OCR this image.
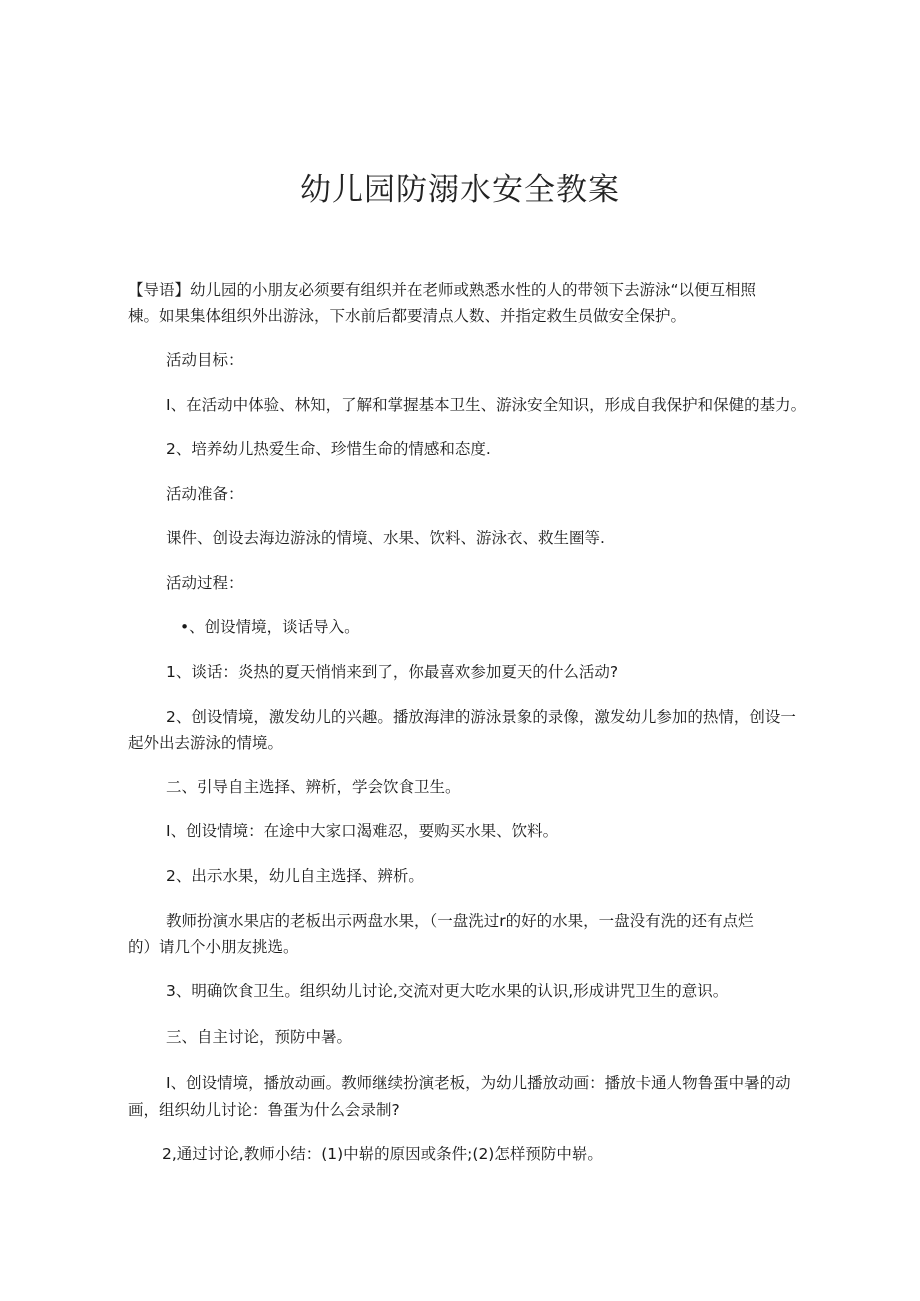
幼儿园防溺水安全教案

【导语】幼儿园的小朋友必须要有组织并在老师或熟悉水性的人的带领下去游泳“以便互相照

棟。如果集体组织外出游泳，下水前后都要清点人数、并指定救生员做安全保护。

活动目标：

I、在活动中体验、林知，了解和掌握基本卫生、游泳安全知识，形成自我保护和保健的基力。

2、培养幼儿热爱生命、珍惜生命的情感和态度.

活动准备：

课件、创设去海边游泳的情境、水果、饮料、游泳衣、救生圈等.

活动过程：

•、创设情境，谈话导入。

1、谈话：炎热的夏天悄悄来到了，你最喜欢参加夏天的什么活动?

2、创设情境，激发幼儿的兴趣。播放海津的游泳景象的录像，激发幼儿参加的热情，创设一

起外出去游泳的情境。

二、引导自主选择、辨析，学会饮食卫生。

I、创设情境：在途中大家口渴难忍，要购买水果、饮料。

2、出示水果，幼儿自主选择、辨析。

教师扮演水果店的老板出示两盘水果，（一盘洗过r的好的水果，一盘没有洗的还有点烂

的）请几个小朋友挑选。

3、明确饮食卫生。组织幼儿讨论,交流对更大吃水果的认识,形成讲咒卫生的意识。

三、自主讨论，预防中暑。

I、创设情境，播放动画。教师继续扮演老板，为幼儿播放动画：播放卡通人物鲁蛋中暑的动

画，组织幼儿讨论：鲁蛋为什么会录制?

2,通过讨论,教师小结：(1)中崭的原因或条件;(2)怎样预防中崭。
